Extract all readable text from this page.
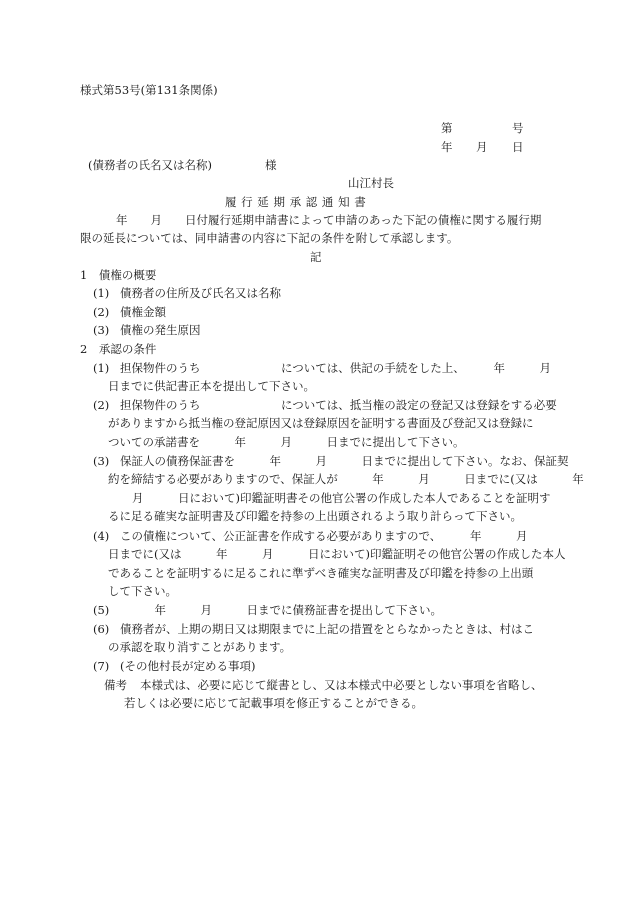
様式第53号(第131条関係)
第	号
年 月 日
(債務者の氏名又は名称)	様
山江村長
履 行 延 期 承 認 通 知 書
年　　月　　日付履行延期申請書によって申請のあった下記の債権に関する履行期
限の延長については、同申請書の内容に下記の条件を附して承認します。
記
1　債権の概要
(1) 債務者の住所及び氏名又は名称
(2) 債権金額
(3) 債権の発生原因
2　承認の条件
(1) 担保物件のうち　　　　　　　については、供記の手続をした上、　　　年　　　月
日までに供記書正本を提出して下さい。
(2) 担保物件のうち　　　　　　　については、抵当権の設定の登記又は登録をする必要
がありますから抵当権の登記原因又は登録原因を証明する書面及び登記又は登録に
ついての承諾書を　　　年　　　月　　　日までに提出して下さい。
(3) 保証人の債務保証書を　　　年　　　月　　　日までに提出して下さい。なお、保証契
約を締結する必要がありますので、保証人が　　　年　　　月　　　日までに(又は　　　年
月　　　日において)印鑑証明書その他官公署の作成した本人であることを証明す
るに足る確実な証明書及び印鑑を持参の上出頭されるよう取り計らって下さい。
(4) この債権について、公正証書を作成する必要がありますので、　　　年　　　月
日までに(又は　　　年　　　月　　　日において)印鑑証明その他官公署の作成した本人
であることを証明するに足るこれに準ずべき確実な証明書及び印鑑を持参の上出頭
して下さい。
(5) 　　　年　　　月　　　日までに債務証書を提出して下さい。
(6) 債務者が、上期の期日又は期限までに上記の措置をとらなかったときは、村はこ
の承認を取り消すことがあります。
(7) (その他村長が定める事項)
備考 本様式は、必要に応じて縦書とし、又は本様式中必要としない事項を省略し、
若しくは必要に応じて記載事項を修正することができる。
